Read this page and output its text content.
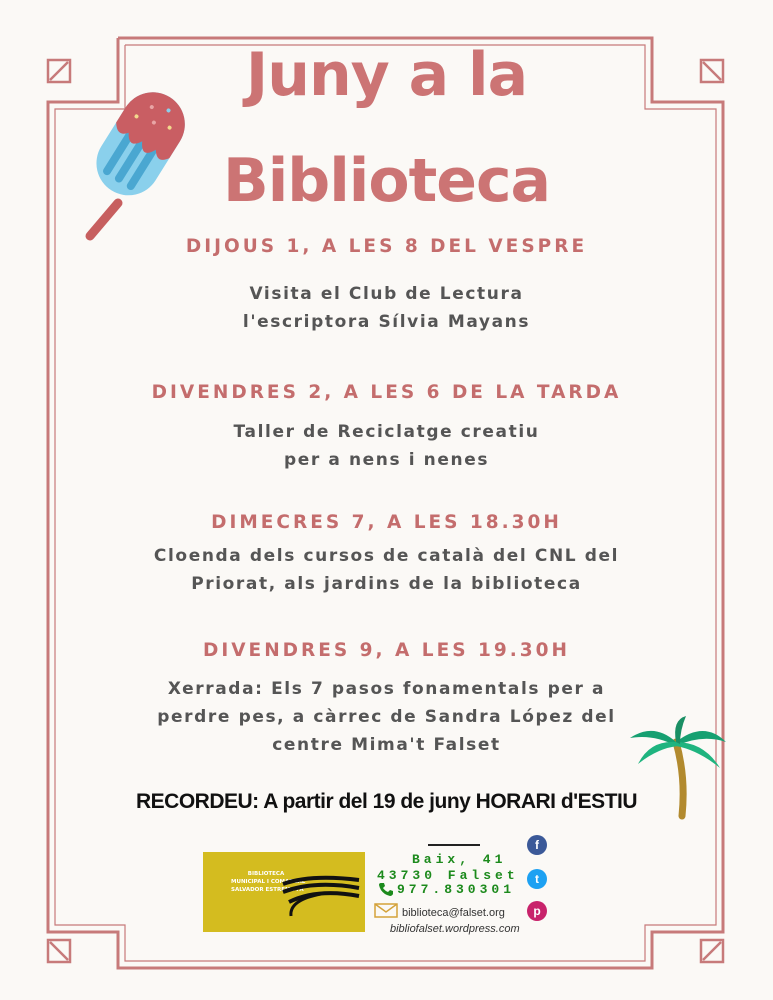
Juny a la
Biblioteca
DIJOUS 1, A LES 8 DEL VESPRE
Visita el Club de Lectura
l'escriptora Sílvia Mayans
DIVENDRES 2, A LES 6 DE LA TARDA
Taller de Reciclatge creatiu
per a nens i nenes
DIMECRES 7, A LES 18.30H
Cloenda dels cursos de català del CNL del
Priorat, als jardins de la biblioteca
DIVENDRES 9, A LES 19.30H
Xerrada: Els 7 pasos fonamentals per a
perdre pes, a càrrec de Sandra López del
centre Mima't Falset
RECORDEU: A partir del 19 de juny HORARI d'ESTIU
BIBLIOTECA
MUNICIPAL I COMARCAL
SALVADOR ESTREM I FA
Baix, 41
43730 Falset
977.830301
biblioteca@falset.org
bibliofalset.wordpress.com
f
t
p
